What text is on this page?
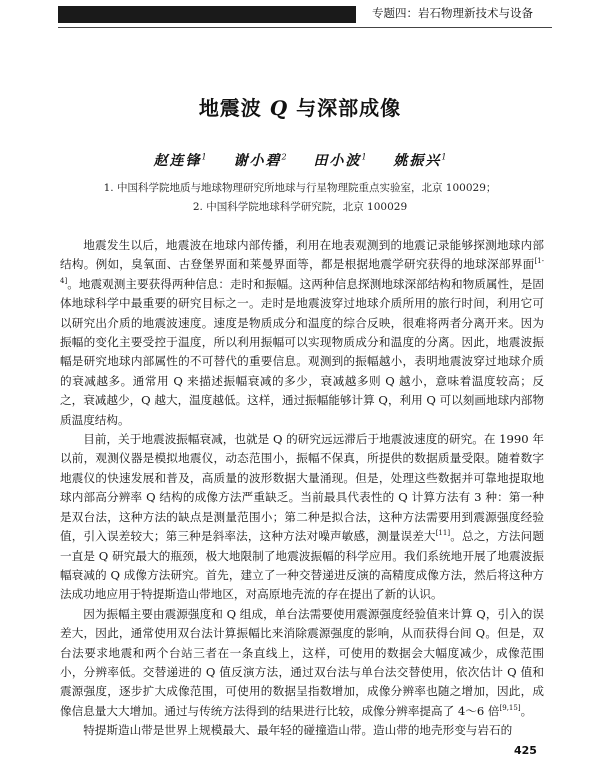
专题四：岩石物理新技术与设备
地震波 Q 与深部成像
赵连锋$^1$ 谢小碧$^2$ 田小波$^1$ 姚振兴$^1$
1. 中国科学院地质与地球物理研究所地球与行星物理院重点实验室，北京 100029；
2. 中国科学院地球科学研究院，北京 100029

地震发生以后，地震波在地球内部传播，利用在地表观测到的地震记录能够探测地球内部结构。例如，臭氧面、古登堡界面和莱曼界面等，都是根据地震学研究获得的地球深部界面[1-4]。地震观测主要获得两种信息：走时和振幅。这两种信息探测地球深部结构和物质属性，是固体地球科学中最重要的研究目标之一。走时是地震波穿过地球介质所用的旅行时间，利用它可以研究出介质的地震波速度。速度是物质成分和温度的综合反映，很难将两者分离开来。因为振幅的变化主要受控于温度，所以利用振幅可以实现物质成分和温度的分离。因此，地震波振幅是研究地球内部属性的不可替代的重要信息。观测到的振幅越小，表明地震波穿过地球介质的衰减越多。通常用 Q 来描述振幅衰减的多少，衰减越多则 Q 越小，意味着温度较高；反之，衰减越少，Q 越大，温度越低。这样，通过振幅能够计算 Q，利用 Q 可以刻画地球内部物质温度结构。

目前，关于地震波振幅衰减，也就是 Q 的研究远远滞后于地震波速度的研究。在 1990 年以前，观测仪器是模拟地震仪，动态范围小，振幅不保真，所提供的数据质量受限。随着数字地震仪的快速发展和普及，高质量的波形数据大量涌现。但是，处理这些数据并可靠地提取地球内部高分辨率 Q 结构的成像方法严重缺乏。当前最具代表性的 Q 计算方法有 3 种：第一种是双台法，这种方法的缺点是测量范围小；第二种是拟合法，这种方法需要用到震源强度经验值，引入误差较大；第三种是斜率法，这种方法对噪声敏感，测量误差大[11]。总之，方法问题一直是 Q 研究最大的瓶颈，极大地限制了地震波振幅的科学应用。我们系统地开展了地震波振幅衰减的 Q 成像方法研究。首先，建立了一种交替递进反演的高精度成像方法，然后将这种方法成功地应用于特提斯造山带地区，对高原地壳流的存在提出了新的认识。

因为振幅主要由震源强度和 Q 组成，单台法需要使用震源强度经验值来计算 Q，引入的误差大，因此，通常使用双台法计算振幅比来消除震源强度的影响，从而获得台间 Q。但是，双台法要求地震和两个台站三者在一条直线上，这样，可使用的数据会大幅度减少，成像范围小，分辨率低。交替递进的 Q 值反演方法，通过双台法与单台法交替使用，依次估计 Q 值和震源强度，逐步扩大成像范围，可使用的数据呈指数增加，成像分辨率也随之增加，因此，成像信息量大大增加。通过与传统方法得到的结果进行比较，成像分辨率提高了 4～6 倍[9,15]。

特提斯造山带是世界上规模最大、最年轻的碰撞造山带。造山带的地壳形变与岩石的

425
